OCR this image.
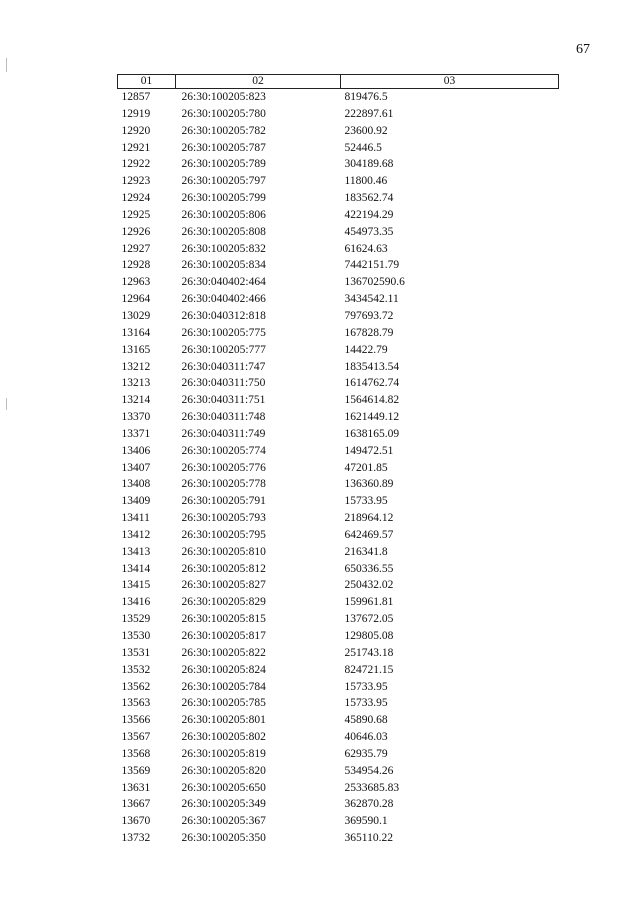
67
01	02	03
12857	26:30:100205:823	819476.5
12919	26:30:100205:780	222897.61
12920	26:30:100205:782	23600.92
12921	26:30:100205:787	52446.5
12922	26:30:100205:789	304189.68
12923	26:30:100205:797	11800.46
12924	26:30:100205:799	183562.74
12925	26:30:100205:806	422194.29
12926	26:30:100205:808	454973.35
12927	26:30:100205:832	61624.63
12928	26:30:100205:834	7442151.79
12963	26:30:040402:464	136702590.6
12964	26:30:040402:466	3434542.11
13029	26:30:040312:818	797693.72
13164	26:30:100205:775	167828.79
13165	26:30:100205:777	14422.79
13212	26:30:040311:747	1835413.54
13213	26:30:040311:750	1614762.74
13214	26:30:040311:751	1564614.82
13370	26:30:040311:748	1621449.12
13371	26:30:040311:749	1638165.09
13406	26:30:100205:774	149472.51
13407	26:30:100205:776	47201.85
13408	26:30:100205:778	136360.89
13409	26:30:100205:791	15733.95
13411	26:30:100205:793	218964.12
13412	26:30:100205:795	642469.57
13413	26:30:100205:810	216341.8
13414	26:30:100205:812	650336.55
13415	26:30:100205:827	250432.02
13416	26:30:100205:829	159961.81
13529	26:30:100205:815	137672.05
13530	26:30:100205:817	129805.08
13531	26:30:100205:822	251743.18
13532	26:30:100205:824	824721.15
13562	26:30:100205:784	15733.95
13563	26:30:100205:785	15733.95
13566	26:30:100205:801	45890.68
13567	26:30:100205:802	40646.03
13568	26:30:100205:819	62935.79
13569	26:30:100205:820	534954.26
13631	26:30:100205:650	2533685.83
13667	26:30:100205:349	362870.28
13670	26:30:100205:367	369590.1
13732	26:30:100205:350	365110.22
